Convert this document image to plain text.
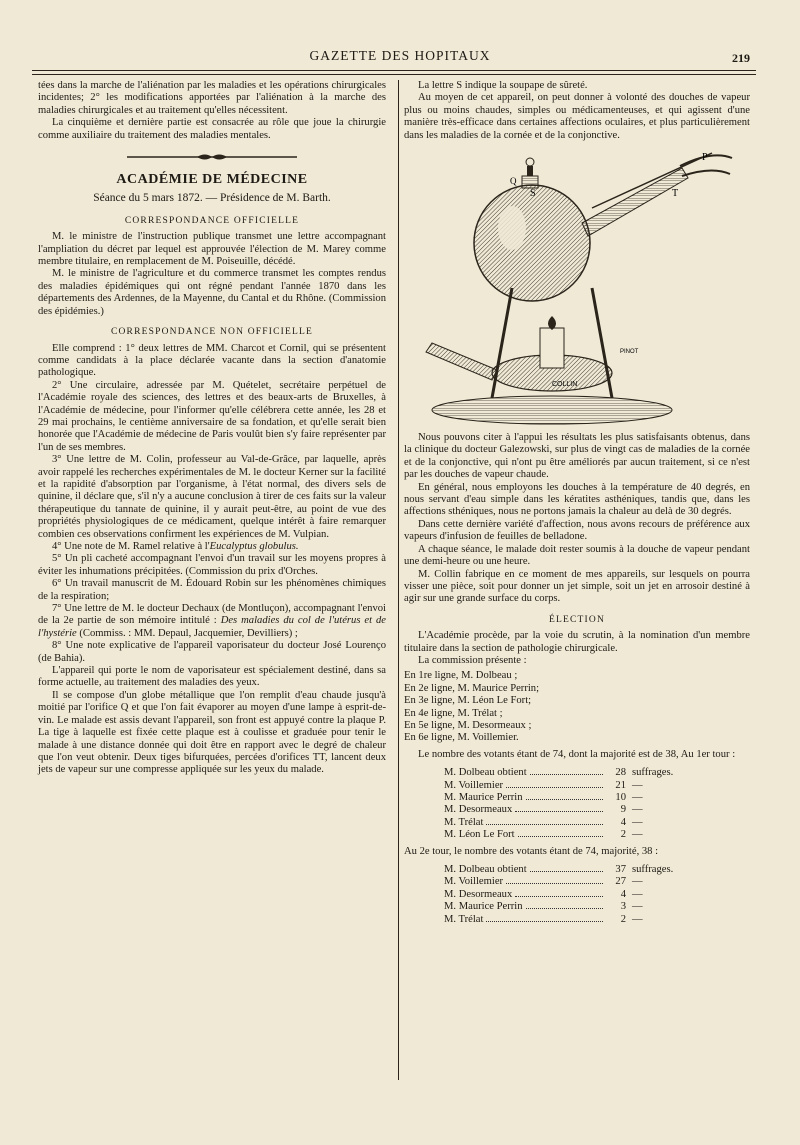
GAZETTE DES HOPITAUX	219

tées dans la marche de l'aliénation par les maladies et les opérations chirurgicales incidentes; 2° les modifications apportées par l'aliénation à la marche des maladies chirurgicales et au traitement qu'elles nécessitent.

La cinquième et dernière partie est consacrée au rôle que joue la chirurgie comme auxiliaire du traitement des maladies mentales.

ACADÉMIE DE MÉDECINE
Séance du 5 mars 1872. — Présidence de M. Barth.
CORRESPONDANCE OFFICIELLE

M. le ministre de l'instruction publique transmet une lettre accompagnant l'ampliation du décret par lequel est approuvée l'élection de M. Marey comme membre titulaire, en remplacement de M. Poiseuille, décédé.

M. le ministre de l'agriculture et du commerce transmet les comptes rendus des maladies épidémiques qui ont régné pendant l'année 1870 dans les départements des Ardennes, de la Mayenne, du Cantal et du Rhône. (Commission des épidémies.)

CORRESPONDANCE NON OFFICIELLE

Elle comprend : 1° deux lettres de MM. Charcot et Cornil, qui se présentent comme candidats à la place déclarée vacante dans la section d'anatomie pathologique.

2° Une circulaire, adressée par M. Quételet, secrétaire perpétuel de l'Académie royale des sciences, des lettres et des beaux-arts de Bruxelles, à l'Académie de médecine, pour l'informer qu'elle célébrera cette année, les 28 et 29 mai prochains, le centième anniversaire de sa fondation, et qu'elle serait bien honorée que l'Académie de médecine de Paris voulût bien s'y faire représenter par l'un de ses membres.

3° Une lettre de M. Colin, professeur au Val-de-Grâce, par laquelle, après avoir rappelé les recherches expérimentales de M. le docteur Kerner sur la facilité et la rapidité d'absorption par l'organisme, à l'état normal, des divers sels de quinine, il déclare que, s'il n'y a aucune conclusion à tirer de ces faits sur la valeur thérapeutique du tannate de quinine, il y aurait peut-être, au point de vue des propriétés physiologiques de ce médicament, quelque intérêt à faire remarquer combien ces observations confirment les expériences de M. Vulpian.

4° Une note de M. Ramel relative à l'Eucalyptus globulus.

5° Un pli cacheté accompagnant l'envoi d'un travail sur les moyens propres à éviter les inhumations précipitées. (Commission du prix d'Orches.

6° Un travail manuscrit de M. Édouard Robin sur les phénomènes chimiques de la respiration;

7° Une lettre de M. le docteur Dechaux (de Montluçon), accompagnant l'envoi de la 2e partie de son mémoire intitulé : Des maladies du col de l'utérus et de l'hystérie (Commiss. : MM. Depaul, Jacquemier, Devilliers) ;

8° Une note explicative de l'appareil vaporisateur du docteur José Lourenço (de Bahia).

L'appareil qui porte le nom de vaporisateur est spécialement destiné, dans sa forme actuelle, au traitement des maladies des yeux.

Il se compose d'un globe métallique que l'on remplit d'eau chaude jusqu'à moitié par l'orifice Q et que l'on fait évaporer au moyen d'une lampe à esprit-de-vin. Le malade est assis devant l'appareil, son front est appuyé contre la plaque P. La tige à laquelle est fixée cette plaque est à coulisse et graduée pour tenir le malade à une distance donnée qui doit être en rapport avec le degré de chaleur que l'on veut obtenir. Deux tiges bifurquées, percées d'orifices TT, lancent deux jets de vapeur sur une compresse appliquée sur les yeux du malade.

La lettre S indique la soupape de sûreté.

Au moyen de cet appareil, on peut donner à volonté des douches de vapeur plus ou moins chaudes, simples ou médicamenteuses, et qui agissent d'une manière très-efficace dans certaines affections oculaires, et plus particulièrement dans les maladies de la cornée et de la conjonctive.

S
P
T
Q
COLLIN
PINOT

Nous pouvons citer à l'appui les résultats les plus satisfaisants obtenus, dans la clinique du docteur Galezowski, sur plus de vingt cas de maladies de la cornée et de la conjonctive, qui n'ont pu être améliorés par aucun traitement, si ce n'est par les douches de vapeur chaude.

En général, nous employons les douches à la température de 40 degrés, en nous servant d'eau simple dans les kératites asthéniques, tandis que, dans les affections sthéniques, nous ne portons jamais la chaleur au delà de 30 degrés.

Dans cette dernière variété d'affection, nous avons recours de préférence aux vapeurs d'infusion de feuilles de belladone.

A chaque séance, le malade doit rester soumis à la douche de vapeur pendant une demi-heure ou une heure.

M. Collin fabrique en ce moment de mes appareils, sur lesquels on pourra visser une pièce, soit pour donner un jet simple, soit un jet en arrosoir destiné à agir sur une grande surface du corps.

ÉLECTION

L'Académie procède, par la voie du scrutin, à la nomination d'un membre titulaire dans la section de pathologie chirurgicale.

La commission présente :

En 1re ligne, M. Dolbeau ;

En 2e ligne, M. Maurice Perrin;

En 3e ligne, M. Léon Le Fort;

En 4e ligne, M. Trélat ;

En 5e ligne, M. Desormeaux ;

En 6e ligne, M. Voillemier.

Le nombre des votants étant de 74, dont la majorité est de 38, Au 1er tour :

M. Dolbeau obtient	28 suffrages.
M. Voillemier	21 —
M. Maurice Perrin	10 —
M. Desormeaux	9 —
M. Trélat	4 —
M. Léon Le Fort	2 —

Au 2e tour, le nombre des votants étant de 74, majorité, 38 :

M. Dolbeau obtient	37 suffrages.
M. Voillemier	27 —
M. Desormeaux	4 —
M. Maurice Perrin	3 —
M. Trélat	2 —
